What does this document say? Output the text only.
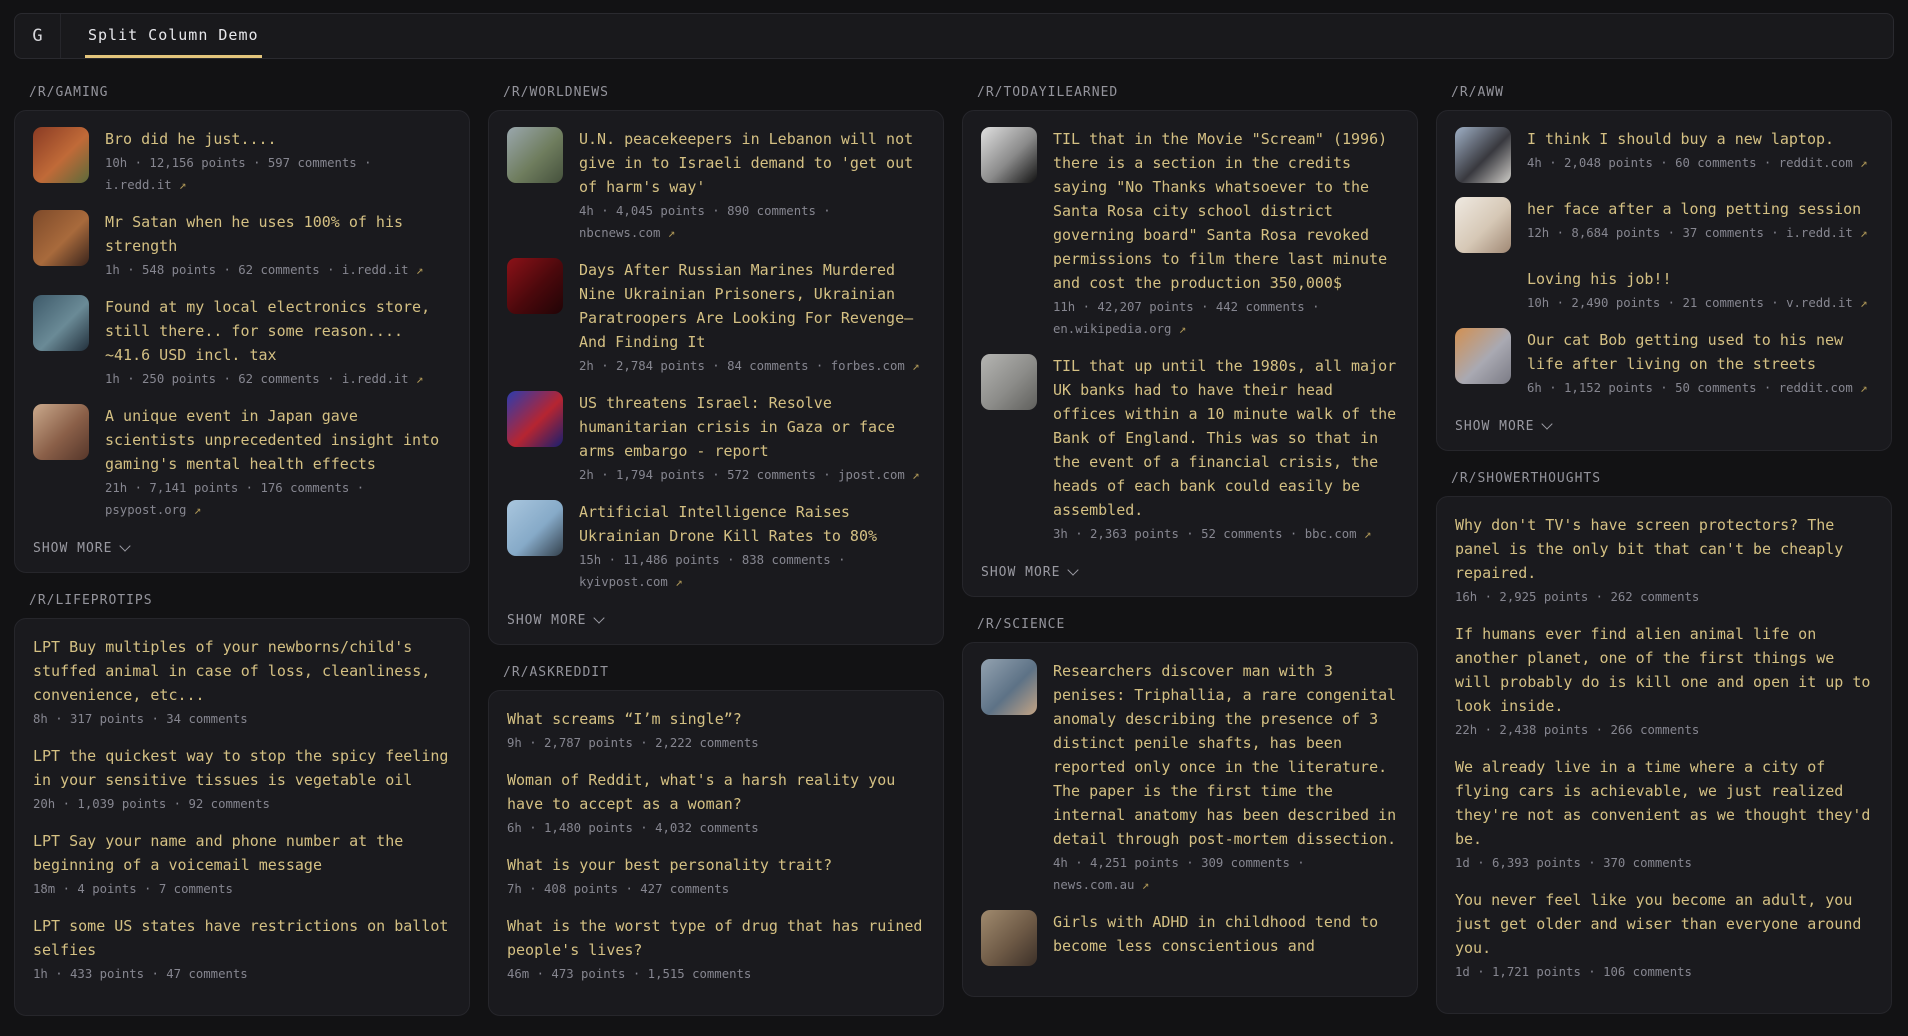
G	Split Column Demo
/R/GAMING
Bro did he just....
10h · 12,156 points · 597 comments · i.redd.it ↗
Mr Satan when he uses 100% of his strength
1h · 548 points · 62 comments · i.redd.it ↗
Found at my local electronics store, still there.. for some reason.... ~41.6 USD incl. tax
1h · 250 points · 62 comments · i.redd.it ↗
A unique event in Japan gave scientists unprecedented insight into gaming's mental health effects
21h · 7,141 points · 176 comments · psypost.org ↗
SHOW MORE
/R/LIFEPROTIPS
LPT Buy multiples of your newborns/child's stuffed animal in case of loss, cleanliness, convenience, etc...
8h · 317 points · 34 comments
LPT the quickest way to stop the spicy feeling in your sensitive tissues is vegetable oil
20h · 1,039 points · 92 comments
LPT Say your name and phone number at the beginning of a voicemail message
18m · 4 points · 7 comments
LPT some US states have restrictions on ballot selfies
1h · 433 points · 47 comments
/R/WORLDNEWS
U.N. peacekeepers in Lebanon will not give in to Israeli demand to 'get out of harm's way'
4h · 4,045 points · 890 comments · nbcnews.com ↗
Days After Russian Marines Murdered Nine Ukrainian Prisoners, Ukrainian Paratroopers Are Looking For Revenge— And Finding It
2h · 2,784 points · 84 comments · forbes.com ↗
US threatens Israel: Resolve humanitarian crisis in Gaza or face arms embargo - report
2h · 1,794 points · 572 comments · jpost.com ↗
Artificial Intelligence Raises Ukrainian Drone Kill Rates to 80%
15h · 11,486 points · 838 comments · kyivpost.com ↗
SHOW MORE
/R/ASKREDDIT
What screams “I’m single”?
9h · 2,787 points · 2,222 comments
Woman of Reddit, what's a harsh reality you have to accept as a woman?
6h · 1,480 points · 4,032 comments
What is your best personality trait?
7h · 408 points · 427 comments
What is the worst type of drug that has ruined people's lives?
46m · 473 points · 1,515 comments
/R/TODAYILEARNED
TIL that in the Movie "Scream" (1996) there is a section in the credits saying "No Thanks whatsoever to the Santa Rosa city school district governing board" Santa Rosa revoked permissions to film there last minute and cost the production 350,000$
11h · 42,207 points · 442 comments · en.wikipedia.org ↗
TIL that up until the 1980s, all major UK banks had to have their head offices within a 10 minute walk of the Bank of England. This was so that in the event of a financial crisis, the heads of each bank could easily be assembled.
3h · 2,363 points · 52 comments · bbc.com ↗
SHOW MORE
/R/SCIENCE
Researchers discover man with 3 penises: Triphallia, a rare congenital anomaly describing the presence of 3 distinct penile shafts, has been reported only once in the literature. The paper is the first time the internal anatomy has been described in detail through post-mortem dissection.
4h · 4,251 points · 309 comments · news.com.au ↗
Girls with ADHD in childhood tend to become less conscientious and
/R/AWW
I think I should buy a new laptop.
4h · 2,048 points · 60 comments · reddit.com ↗
her face after a long petting session
12h · 8,684 points · 37 comments · i.redd.it ↗
Loving his job!!
10h · 2,490 points · 21 comments · v.redd.it ↗
Our cat Bob getting used to his new life after living on the streets
6h · 1,152 points · 50 comments · reddit.com ↗
SHOW MORE
/R/SHOWERTHOUGHTS
Why don't TV's have screen protectors? The panel is the only bit that can't be cheaply repaired.
16h · 2,925 points · 262 comments
If humans ever find alien animal life on another planet, one of the first things we will probably do is kill one and open it up to look inside.
22h · 2,438 points · 266 comments
We already live in a time where a city of flying cars is achievable, we just realized they're not as convenient as we thought they'd be.
1d · 6,393 points · 370 comments
You never feel like you become an adult, you just get older and wiser than everyone around you.
1d · 1,721 points · 106 comments
